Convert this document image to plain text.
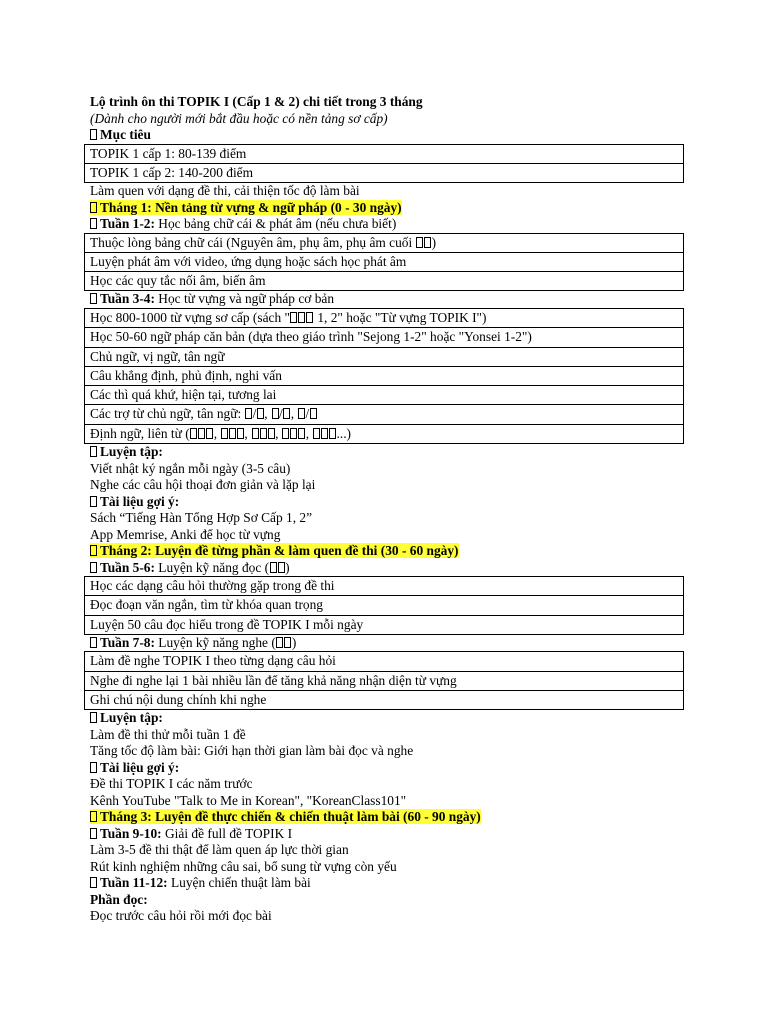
Lộ trình ôn thi TOPIK I (Cấp 1 & 2) chi tiết trong 3 tháng
(Dành cho người mới bắt đầu hoặc có nền tảng sơ cấp)
Mục tiêu
TOPIK 1 cấp 1: 80-139 điểm
TOPIK 1 cấp 2: 140-200 điểm
Làm quen với dạng đề thi, cải thiện tốc độ làm bài
Tháng 1: Nền tảng từ vựng & ngữ pháp (0 - 30 ngày)
Tuần 1-2: Học bảng chữ cái & phát âm (nếu chưa biết)
Thuộc lòng bảng chữ cái (Nguyên âm, phụ âm, phụ âm cuối )
Luyện phát âm với video, ứng dụng hoặc sách học phát âm
Học các quy tắc nối âm, biến âm
Tuần 3-4: Học từ vựng và ngữ pháp cơ bản
Học 800-1000 từ vựng sơ cấp (sách " 1, 2" hoặc "Từ vựng TOPIK I")
Học 50-60 ngữ pháp căn bản (dựa theo giáo trình "Sejong 1-2" hoặc "Yonsei 1-2")
Chủ ngữ, vị ngữ, tân ngữ
Câu khẳng định, phủ định, nghi vấn
Các thì quá khứ, hiện tại, tương lai
Các trợ từ chủ ngữ, tân ngữ: / , / , /
Định ngữ, liên từ ( , , , , ...)
Luyện tập:
Viết nhật ký ngắn mỗi ngày (3-5 câu)
Nghe các câu hội thoại đơn giản và lặp lại
Tài liệu gợi ý:
Sách “Tiếng Hàn Tổng Hợp Sơ Cấp 1, 2”
App Memrise, Anki để học từ vựng
Tháng 2: Luyện đề từng phần & làm quen đề thi (30 - 60 ngày)
Tuần 5-6: Luyện kỹ năng đọc ( )
Học các dạng câu hỏi thường gặp trong đề thi
Đọc đoạn văn ngắn, tìm từ khóa quan trọng
Luyện 50 câu đọc hiểu trong đề TOPIK I mỗi ngày
Tuần 7-8: Luyện kỹ năng nghe ( )
Làm đề nghe TOPIK I theo từng dạng câu hỏi
Nghe đi nghe lại 1 bài nhiều lần để tăng khả năng nhận diện từ vựng
Ghi chú nội dung chính khi nghe
Luyện tập:
Làm đề thi thử mỗi tuần 1 đề
Tăng tốc độ làm bài: Giới hạn thời gian làm bài đọc và nghe
Tài liệu gợi ý:
Đề thi TOPIK I các năm trước
Kênh YouTube "Talk to Me in Korean", "KoreanClass101"
Tháng 3: Luyện đề thực chiến & chiến thuật làm bài (60 - 90 ngày)
Tuần 9-10: Giải đề full đề TOPIK I
Làm 3-5 đề thi thật để làm quen áp lực thời gian
Rút kinh nghiệm những câu sai, bổ sung từ vựng còn yếu
Tuần 11-12: Luyện chiến thuật làm bài
Phần đọc:
Đọc trước câu hỏi rồi mới đọc bài
